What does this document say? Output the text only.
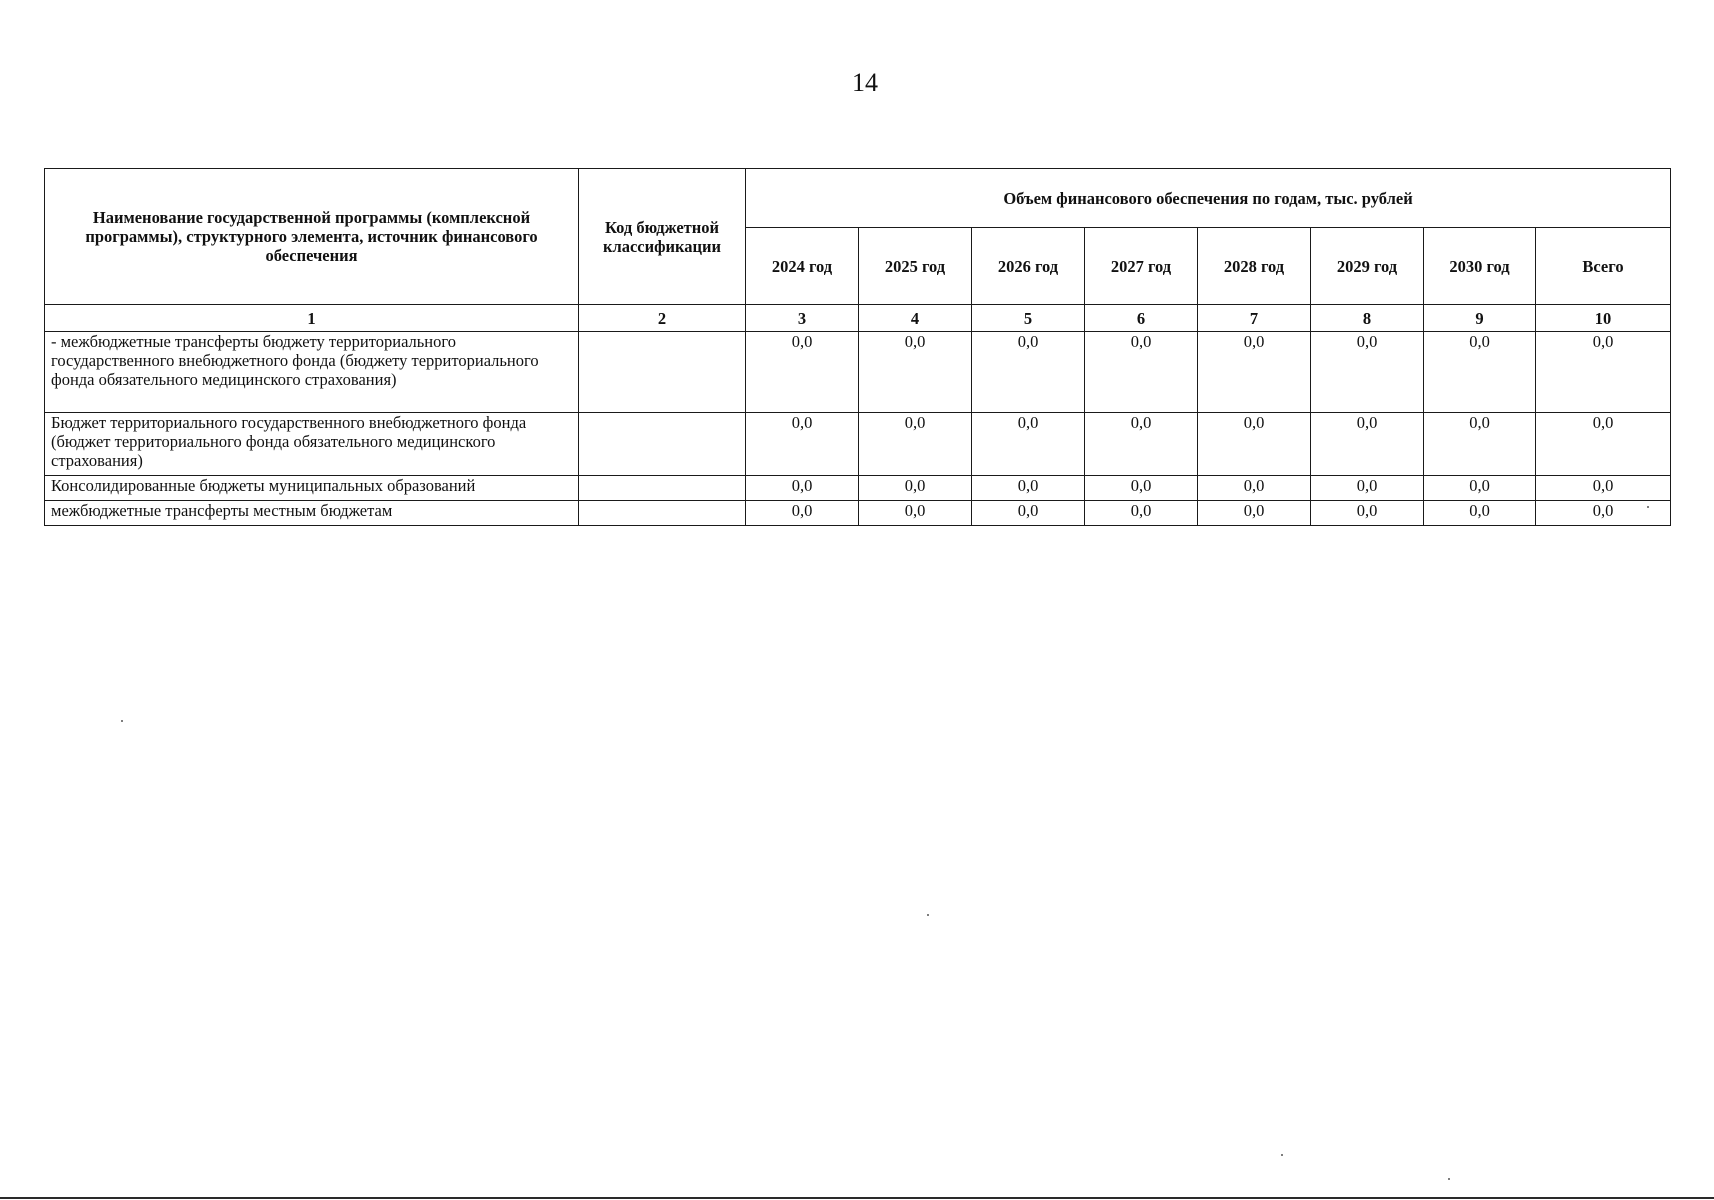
14
Наименование государственной программы (комплексной программы), структурного элемента, источник финансового обеспечения	Код бюджетной классификации	Объем финансового обеспечения по годам, тыс. рублей							
		2024 год	2025 год	2026 год	2027 год	2028 год	2029 год	2030 год	Всего
1	2	3	4	5	6	7	8	9	10
- межбюджетные трансферты бюджету территориального государственного внебюджетного фонда (бюджету территориального фонда обязательного медицинского страхования)		0,0	0,0	0,0	0,0	0,0	0,0	0,0	0,0
Бюджет территориального государственного внебюджетного фонда (бюджет территориального фонда обязательного медицинского страхования)		0,0	0,0	0,0	0,0	0,0	0,0	0,0	0,0
Консолидированные бюджеты муниципальных образований		0,0	0,0	0,0	0,0	0,0	0,0	0,0	0,0
межбюджетные трансферты местным бюджетам		0,0	0,0	0,0	0,0	0,0	0,0	0,0	0,0
